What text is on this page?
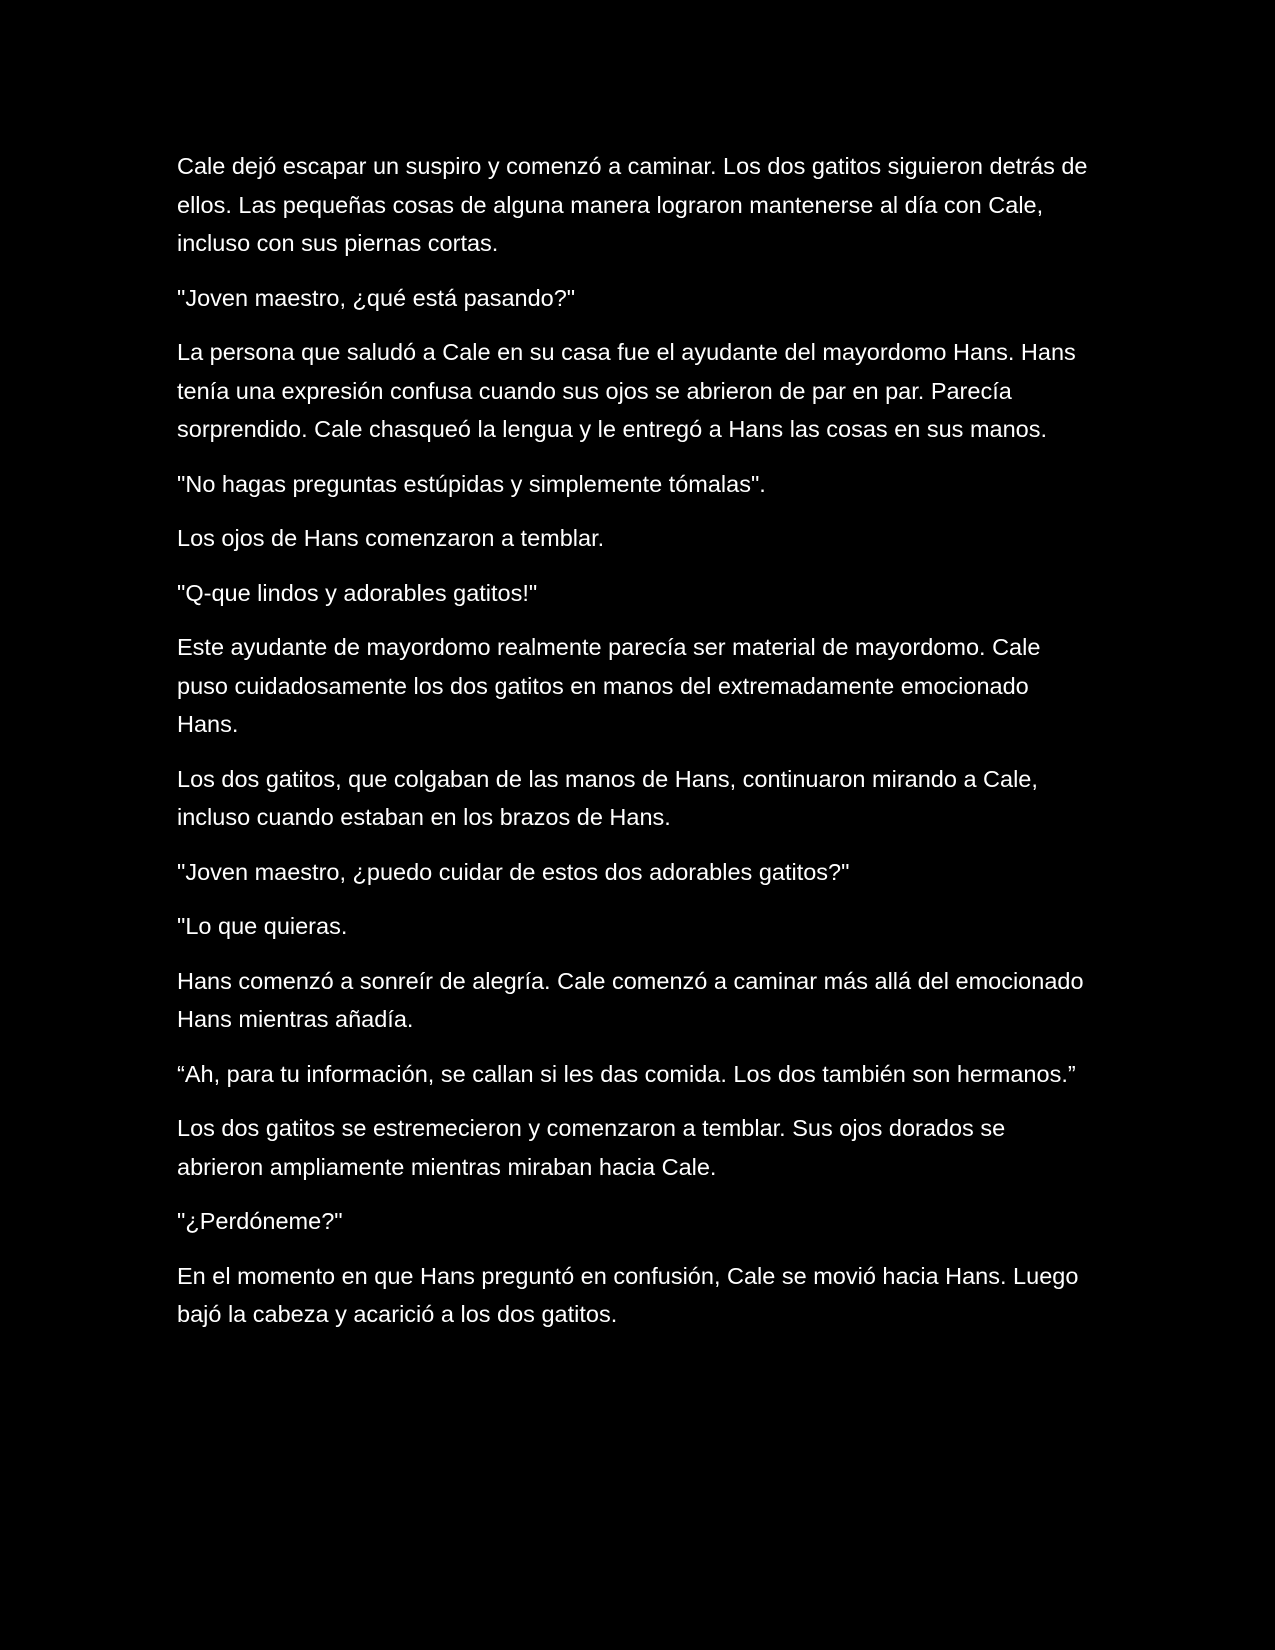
Cale dejó escapar un suspiro y comenzó a caminar. Los dos gatitos siguieron detrás de ellos. Las pequeñas cosas de alguna manera lograron mantenerse al día con Cale, incluso con sus piernas cortas.

"Joven maestro, ¿qué está pasando?"

La persona que saludó a Cale en su casa fue el ayudante del mayordomo Hans. Hans tenía una expresión confusa cuando sus ojos se abrieron de par en par. Parecía sorprendido. Cale chasqueó la lengua y le entregó a Hans las cosas en sus manos.

"No hagas preguntas estúpidas y simplemente tómalas".

Los ojos de Hans comenzaron a temblar.

"Q-que lindos y adorables gatitos!"

Este ayudante de mayordomo realmente parecía ser material de mayordomo. Cale puso cuidadosamente los dos gatitos en manos del extremadamente emocionado Hans.

Los dos gatitos, que colgaban de las manos de Hans, continuaron mirando a Cale, incluso cuando estaban en los brazos de Hans.

"Joven maestro, ¿puedo cuidar de estos dos adorables gatitos?"

"Lo que quieras.

Hans comenzó a sonreír de alegría. Cale comenzó a caminar más allá del emocionado Hans mientras añadía.

“Ah, para tu información, se callan si les das comida. Los dos también son hermanos.”

Los dos gatitos se estremecieron y comenzaron a temblar. Sus ojos dorados se abrieron ampliamente mientras miraban hacia Cale.

"¿Perdóneme?"

En el momento en que Hans preguntó en confusión, Cale se movió hacia Hans. Luego bajó la cabeza y acarició a los dos gatitos.
